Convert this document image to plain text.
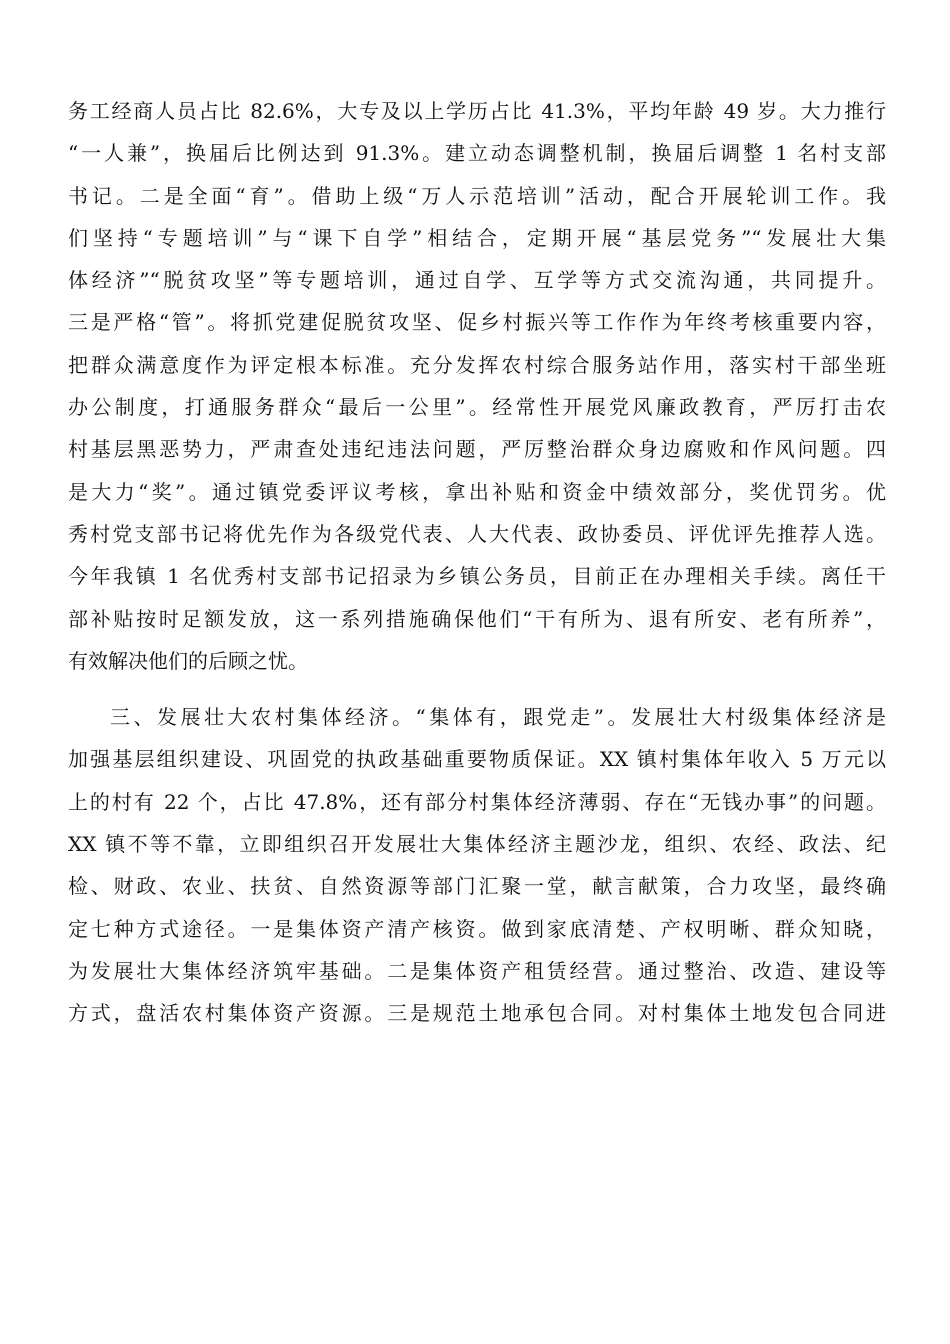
务工经商人员占比 82.6%，大专及以上学历占比 41.3%，平均年龄 49 岁。大力推行
“一人兼”，换届后比例达到 91.3%。建立动态调整机制，换届后调整 1 名村支部
书记。二是全面“育”。借助上级“万人示范培训”活动，配合开展轮训工作。我
们坚持“专题培训”与“课下自学”相结合，定期开展“基层党务”“发展壮大集
体经济”“脱贫攻坚”等专题培训，通过自学、互学等方式交流沟通，共同提升。
三是严格“管”。将抓党建促脱贫攻坚、促乡村振兴等工作作为年终考核重要内容，
把群众满意度作为评定根本标准。充分发挥农村综合服务站作用，落实村干部坐班
办公制度，打通服务群众“最后一公里”。经常性开展党风廉政教育，严厉打击农
村基层黑恶势力，严肃查处违纪违法问题，严厉整治群众身边腐败和作风问题。四
是大力“奖”。通过镇党委评议考核，拿出补贴和资金中绩效部分，奖优罚劣。优
秀村党支部书记将优先作为各级党代表、人大代表、政协委员、评优评先推荐人选。
今年我镇 1 名优秀村支部书记招录为乡镇公务员，目前正在办理相关手续。离任干
部补贴按时足额发放，这一系列措施确保他们“干有所为、退有所安、老有所养”，
有效解决他们的后顾之忧。
三、发展壮大农村集体经济。“集体有，跟党走”。发展壮大村级集体经济是
加强基层组织建设、巩固党的执政基础重要物质保证。XX 镇村集体年收入 5 万元以
上的村有 22 个，占比 47.8%，还有部分村集体经济薄弱、存在“无钱办事”的问题。
XX 镇不等不靠，立即组织召开发展壮大集体经济主题沙龙，组织、农经、政法、纪
检、财政、农业、扶贫、自然资源等部门汇聚一堂，献言献策，合力攻坚，最终确
定七种方式途径。一是集体资产清产核资。做到家底清楚、产权明晰、群众知晓，
为发展壮大集体经济筑牢基础。二是集体资产租赁经营。通过整治、改造、建设等
方式，盘活农村集体资产资源。三是规范土地承包合同。对村集体土地发包合同进
